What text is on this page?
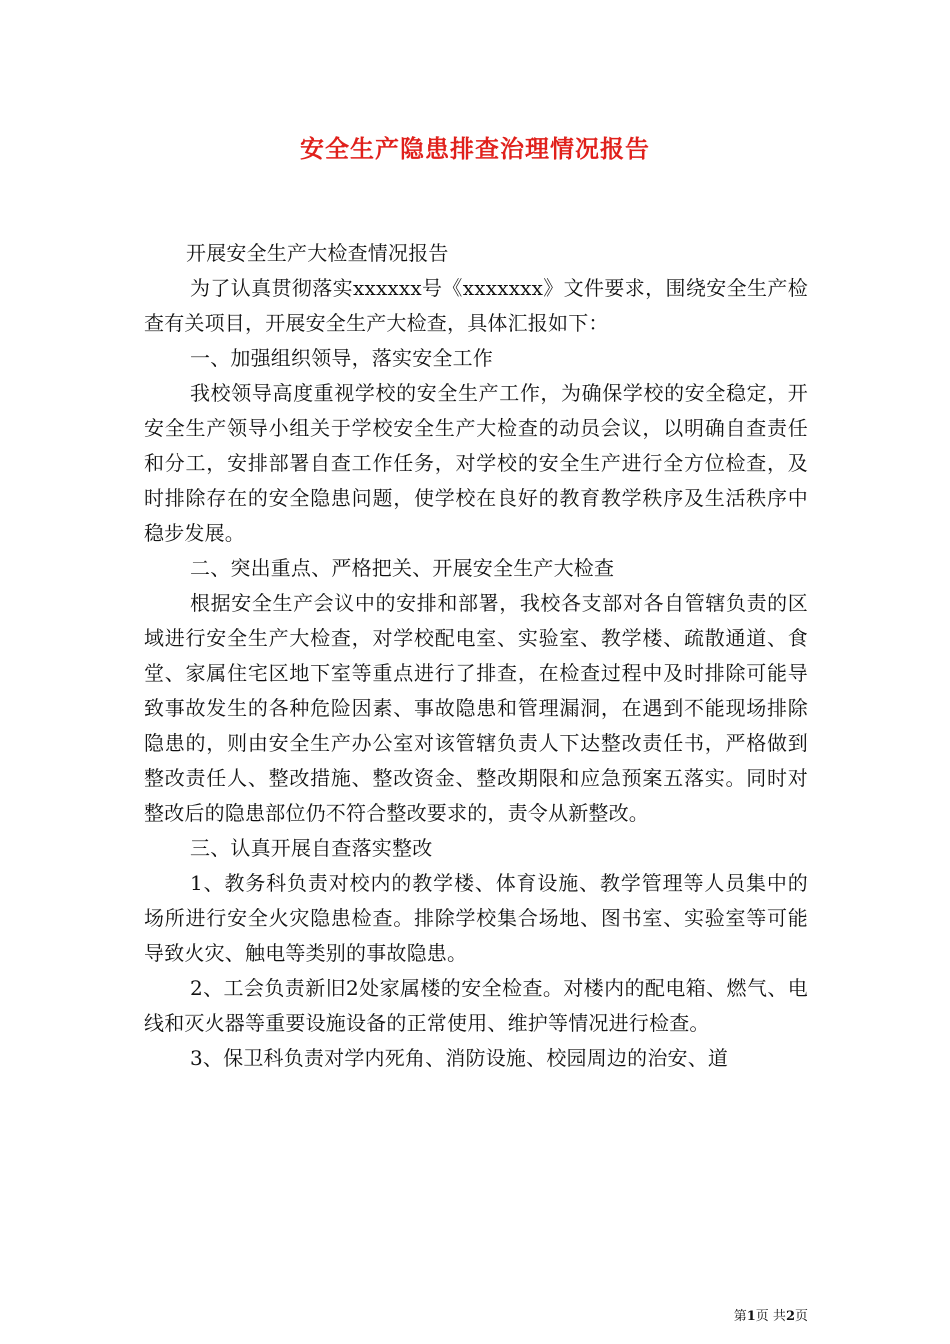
安全生产隐患排查治理情况报告

开展安全生产大检查情况报告

为了认真贯彻落实xxxxxx号《xxxxxxx》文件要求，围绕安全生产检查有关项目，开展安全生产大检查，具体汇报如下：

一、加强组织领导，落实安全工作

我校领导高度重视学校的安全生产工作，为确保学校的安全稳定，开安全生产领导小组关于学校安全生产大检查的动员会议，以明确自查责任和分工，安排部署自查工作任务，对学校的安全生产进行全方位检查，及时排除存在的安全隐患问题，使学校在良好的教育教学秩序及生活秩序中稳步发展。

二、突出重点、严格把关、开展安全生产大检查

根据安全生产会议中的安排和部署，我校各支部对各自管辖负责的区域进行安全生产大检查，对学校配电室、实验室、教学楼、疏散通道、食堂、家属住宅区地下室等重点进行了排查，在检查过程中及时排除可能导致事故发生的各种危险因素、事故隐患和管理漏洞，在遇到不能现场排除隐患的，则由安全生产办公室对该管辖负责人下达整改责任书，严格做到整改责任人、整改措施、整改资金、整改期限和应急预案五落实。同时对整改后的隐患部位仍不符合整改要求的，责令从新整改。

三、认真开展自查落实整改

1、教务科负责对校内的教学楼、体育设施、教学管理等人员集中的场所进行安全火灾隐患检查。排除学校集合场地、图书室、实验室等可能导致火灾、触电等类别的事故隐患。

2、工会负责新旧2处家属楼的安全检查。对楼内的配电箱、燃气、电线和灭火器等重要设施设备的正常使用、维护等情况进行检查。

3、保卫科负责对学内死角、消防设施、校园周边的治安、道

第1页 共2页
